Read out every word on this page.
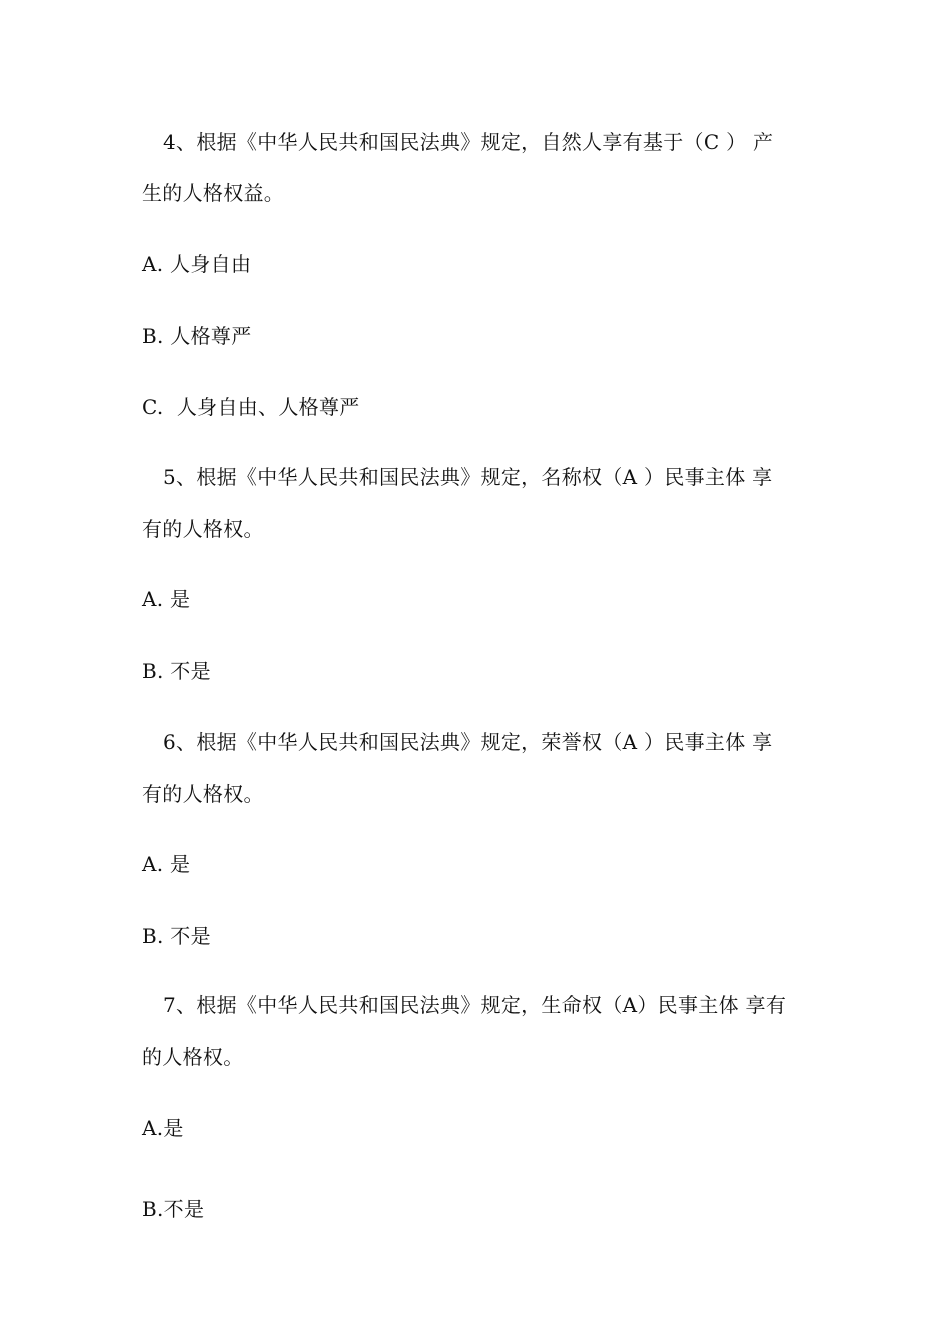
4、根据《中华人民共和国民法典》规定，自然人享有基于（C ） 产
生的人格权益。
A. 人身自由
B. 人格尊严
C.  人身自由、人格尊严
5、根据《中华人民共和国民法典》规定，名称权（A ）民事主体 享
有的人格权。
A. 是
B. 不是
6、根据《中华人民共和国民法典》规定，荣誉权（A ）民事主体 享
有的人格权。
A. 是
B. 不是
7、根据《中华人民共和国民法典》规定，生命权（A）民事主体 享有
的人格权。
A.是
B.不是
